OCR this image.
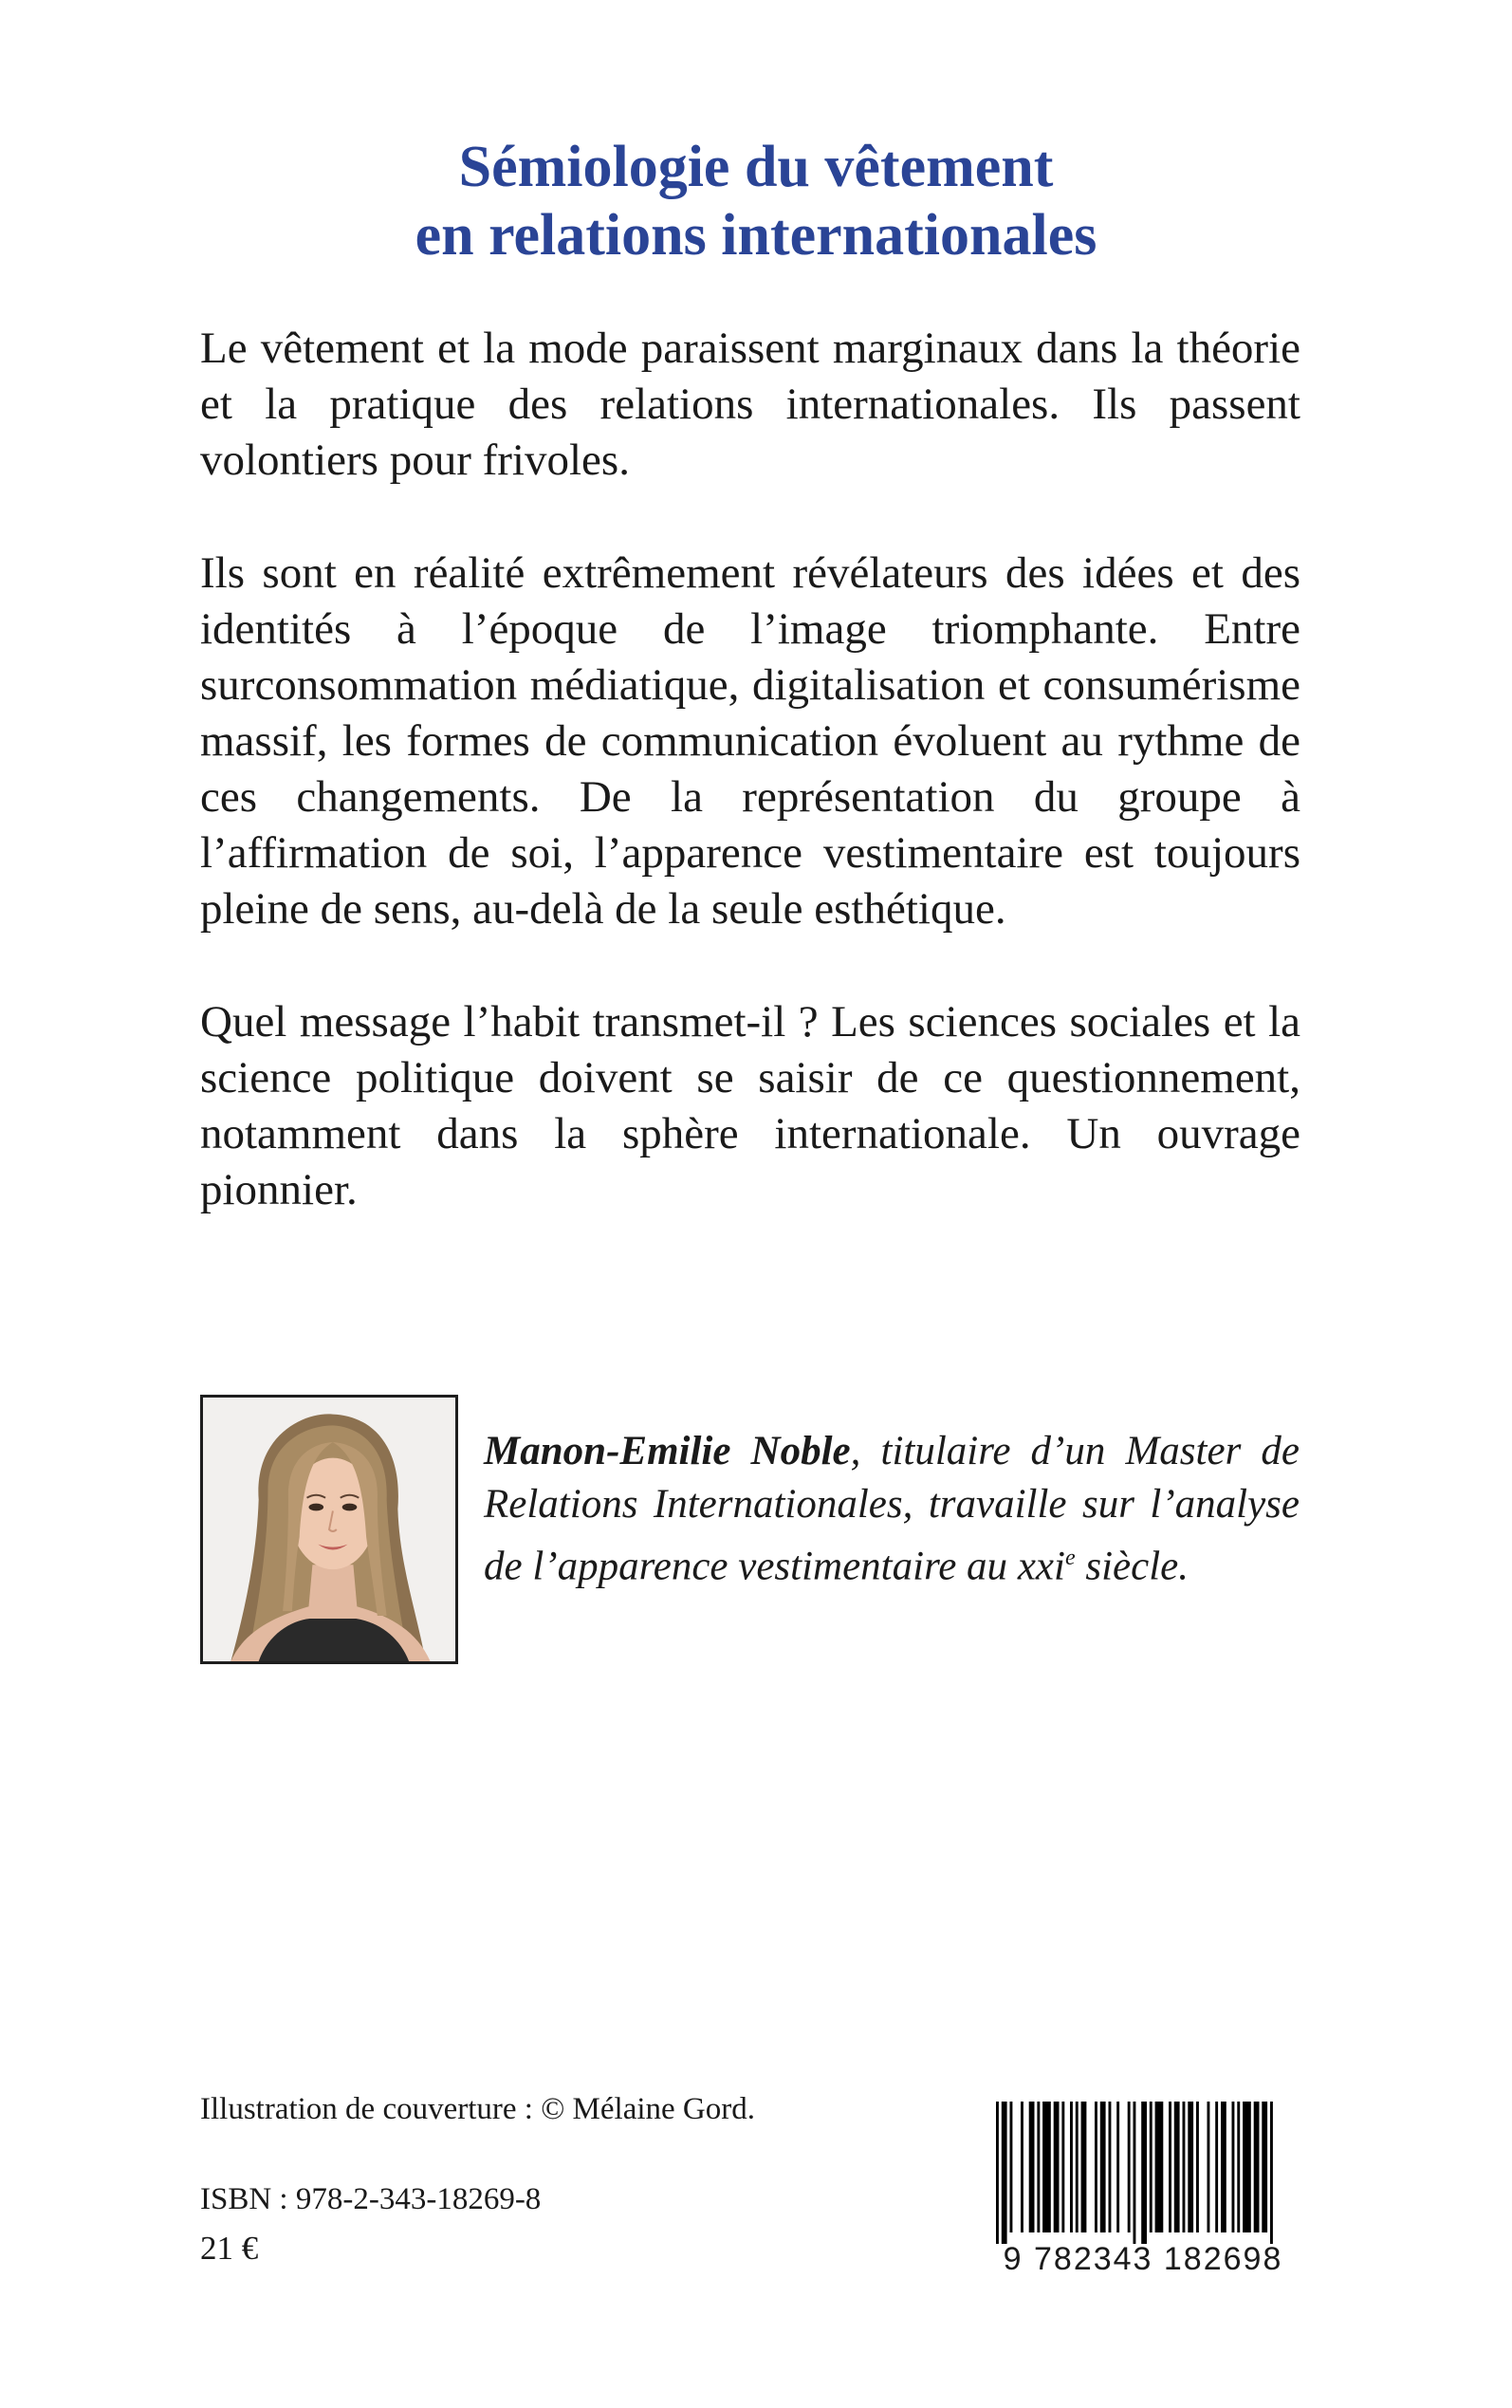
Sémiologie du vêtement
en relations internationales

Le vêtement et la mode paraissent marginaux dans la théorie et la pratique des relations internationales. Ils passent volontiers pour frivoles.

Ils sont en réalité extrêmement révélateurs des idées et des identités à l’époque de l’image triomphante. Entre surconsommation médiatique, digitalisation et consumérisme massif, les formes de communication évoluent au rythme de ces changements. De la représentation du groupe à l’affirmation de soi, l’apparence vestimentaire est toujours pleine de sens, au-delà de la seule esthétique.

Quel message l’habit transmet-il ? Les sciences sociales et la science politique doivent se saisir de ce questionnement, notamment dans la sphère internationale. Un ouvrage pionnier.

Manon-Emilie Noble, titulaire d’un Master de Relations Internationales, travaille sur l’analyse de l’apparence vestimentaire au xxi$^e$ siècle.
Illustration de couverture : © Mélaine Gord.
ISBN : 978-2-343-18269-8
21 €	9 782343 182698
